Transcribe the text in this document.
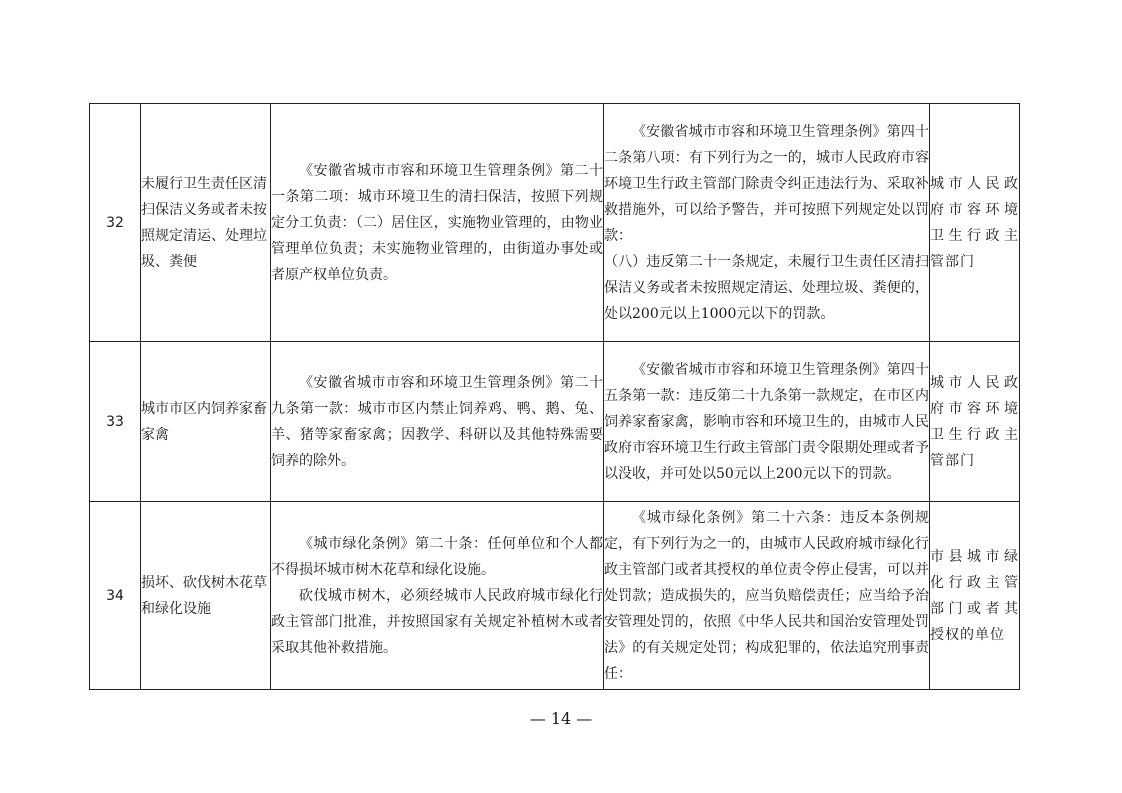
32	未履行卫生责任区清扫保洁义务或者未按照规定清运、处理垃圾、粪便	《安徽省城市市容和环境卫生管理条例》第二十一条第二项：城市环境卫生的清扫保洁，按照下列规定分工负责：（二）居住区，实施物业管理的，由物业管理单位负责；未实施物业管理的，由街道办事处或者原产权单位负责。	《安徽省城市市容和环境卫生管理条例》第四十二条第八项：有下列行为之一的，城市人民政府市容环境卫生行政主管部门除责令纠正违法行为、采取补救措施外，可以给予警告，并可按照下列规定处以罚款：
（八）违反第二十一条规定，未履行卫生责任区清扫保洁义务或者未按照规定清运、处理垃圾、粪便的，处以200元以上1000元以下的罚款。	城市人民政府市容环境卫生行政主管部门
33	城市市区内饲养家畜家禽	《安徽省城市市容和环境卫生管理条例》第二十九条第一款：城市市区内禁止饲养鸡、鸭、鹅、兔、羊、猪等家畜家禽；因教学、科研以及其他特殊需要饲养的除外。	《安徽省城市市容和环境卫生管理条例》第四十五条第一款：违反第二十九条第一款规定，在市区内饲养家畜家禽，影响市容和环境卫生的，由城市人民政府市容环境卫生行政主管部门责令限期处理或者予以没收，并可处以50元以上200元以下的罚款。	城市人民政府市容环境卫生行政主管部门
34	损坏、砍伐树木花草和绿化设施	《城市绿化条例》第二十条：任何单位和个人都不得损坏城市树木花草和绿化设施。
砍伐城市树木，必须经城市人民政府城市绿化行政主管部门批准，并按照国家有关规定补植树木或者采取其他补救措施。	《城市绿化条例》第二十六条：违反本条例规定，有下列行为之一的，由城市人民政府城市绿化行政主管部门或者其授权的单位责令停止侵害，可以并处罚款；造成损失的，应当负赔偿责任；应当给予治安管理处罚的，依照《中华人民共和国治安管理处罚法》的有关规定处罚；构成犯罪的，依法追究刑事责任：	市县城市绿化行政主管部门或者其授权的单位
— 14 —
